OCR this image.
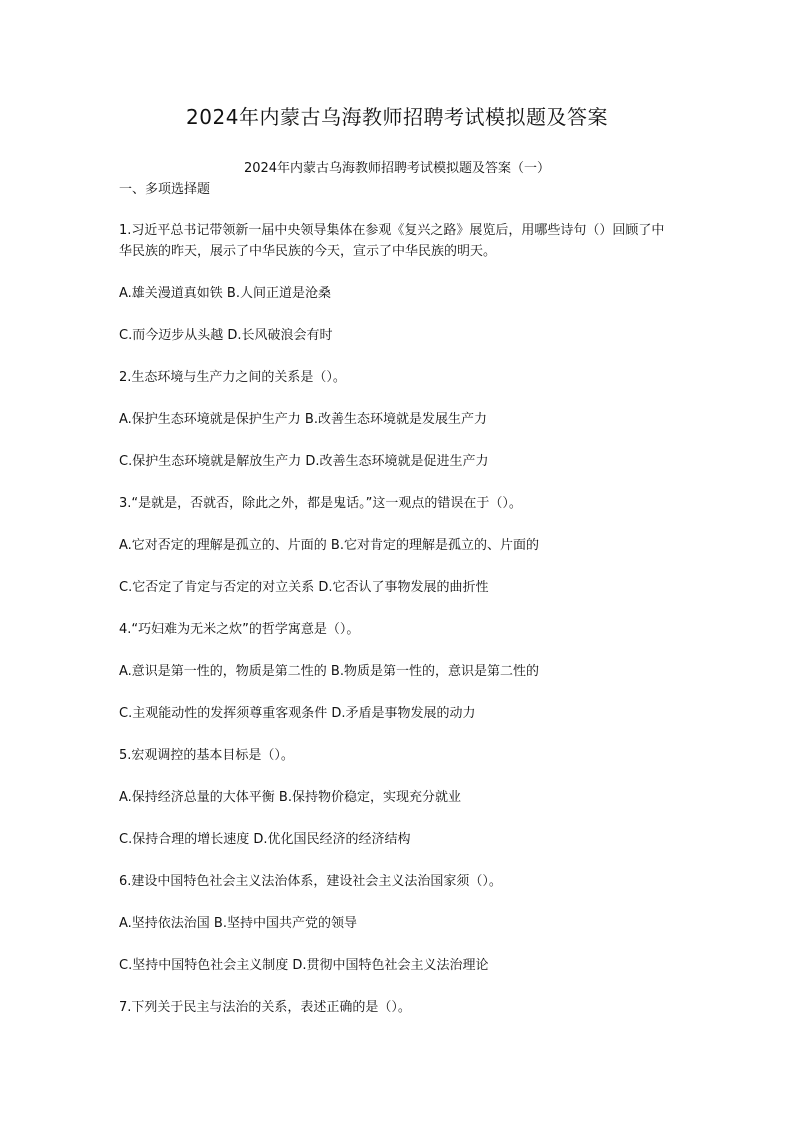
2024年内蒙古乌海教师招聘考试模拟题及答案
2024年内蒙古乌海教师招聘考试模拟题及答案（一）
一、多项选择题

1.习近平总书记带领新一届中央领导集体在参观《复兴之路》展览后，用哪些诗句（）回顾了中华民族的昨天，展示了中华民族的今天，宣示了中华民族的明天。

A.雄关漫道真如铁 B.人间正道是沧桑

C.而今迈步从头越 D.长风破浪会有时

2.生态环境与生产力之间的关系是（）。

A.保护生态环境就是保护生产力 B.改善生态环境就是发展生产力

C.保护生态环境就是解放生产力 D.改善生态环境就是促进生产力

3.“是就是，否就否，除此之外，都是鬼话。”这一观点的错误在于（）。

A.它对否定的理解是孤立的、片面的 B.它对肯定的理解是孤立的、片面的

C.它否定了肯定与否定的对立关系 D.它否认了事物发展的曲折性

4.“巧妇难为无米之炊”的哲学寓意是（）。

A.意识是第一性的，物质是第二性的 B.物质是第一性的，意识是第二性的

C.主观能动性的发挥须尊重客观条件 D.矛盾是事物发展的动力

5.宏观调控的基本目标是（）。

A.保持经济总量的大体平衡 B.保持物价稳定，实现充分就业

C.保持合理的增长速度 D.优化国民经济的经济结构

6.建设中国特色社会主义法治体系，建设社会主义法治国家须（）。

A.坚持依法治国 B.坚持中国共产党的领导

C.坚持中国特色社会主义制度 D.贯彻中国特色社会主义法治理论

7.下列关于民主与法治的关系，表述正确的是（）。
